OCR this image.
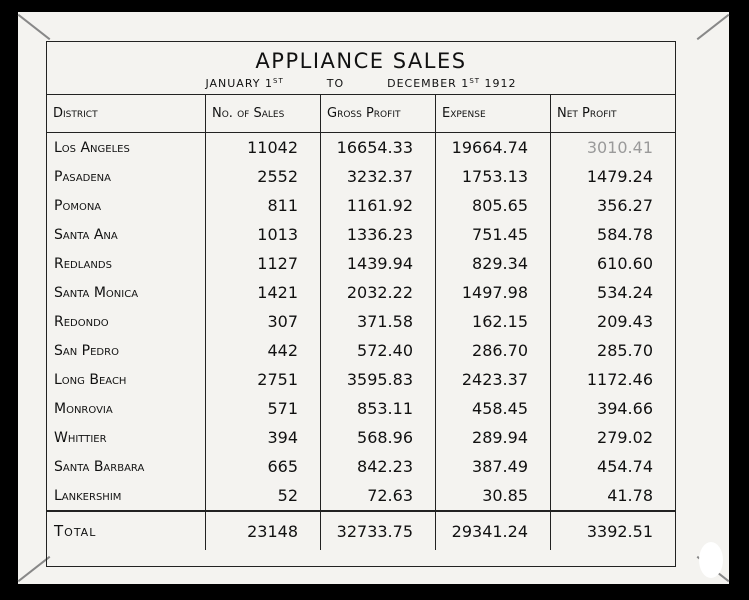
APPLIANCE SALES
JANUARY 1ST	TO	DECEMBER 1ST 1912
District	No. of Sales	Gross Profit	Expense	Net Profit
Los Angeles	11042	16654.33	19664.74	3010.41
Pasadena	2552	3232.37	1753.13	1479.24
Pomona	811	1161.92	805.65	356.27
Santa Ana	1013	1336.23	751.45	584.78
Redlands	1127	1439.94	829.34	610.60
Santa Monica	1421	2032.22	1497.98	534.24
Redondo	307	371.58	162.15	209.43
San Pedro	442	572.40	286.70	285.70
Long Beach	2751	3595.83	2423.37	1172.46
Monrovia	571	853.11	458.45	394.66
Whittier	394	568.96	289.94	279.02
Santa Barbara	665	842.23	387.49	454.74
Lankershim	52	72.63	30.85	41.78
Total	23148	32733.75	29341.24	3392.51
